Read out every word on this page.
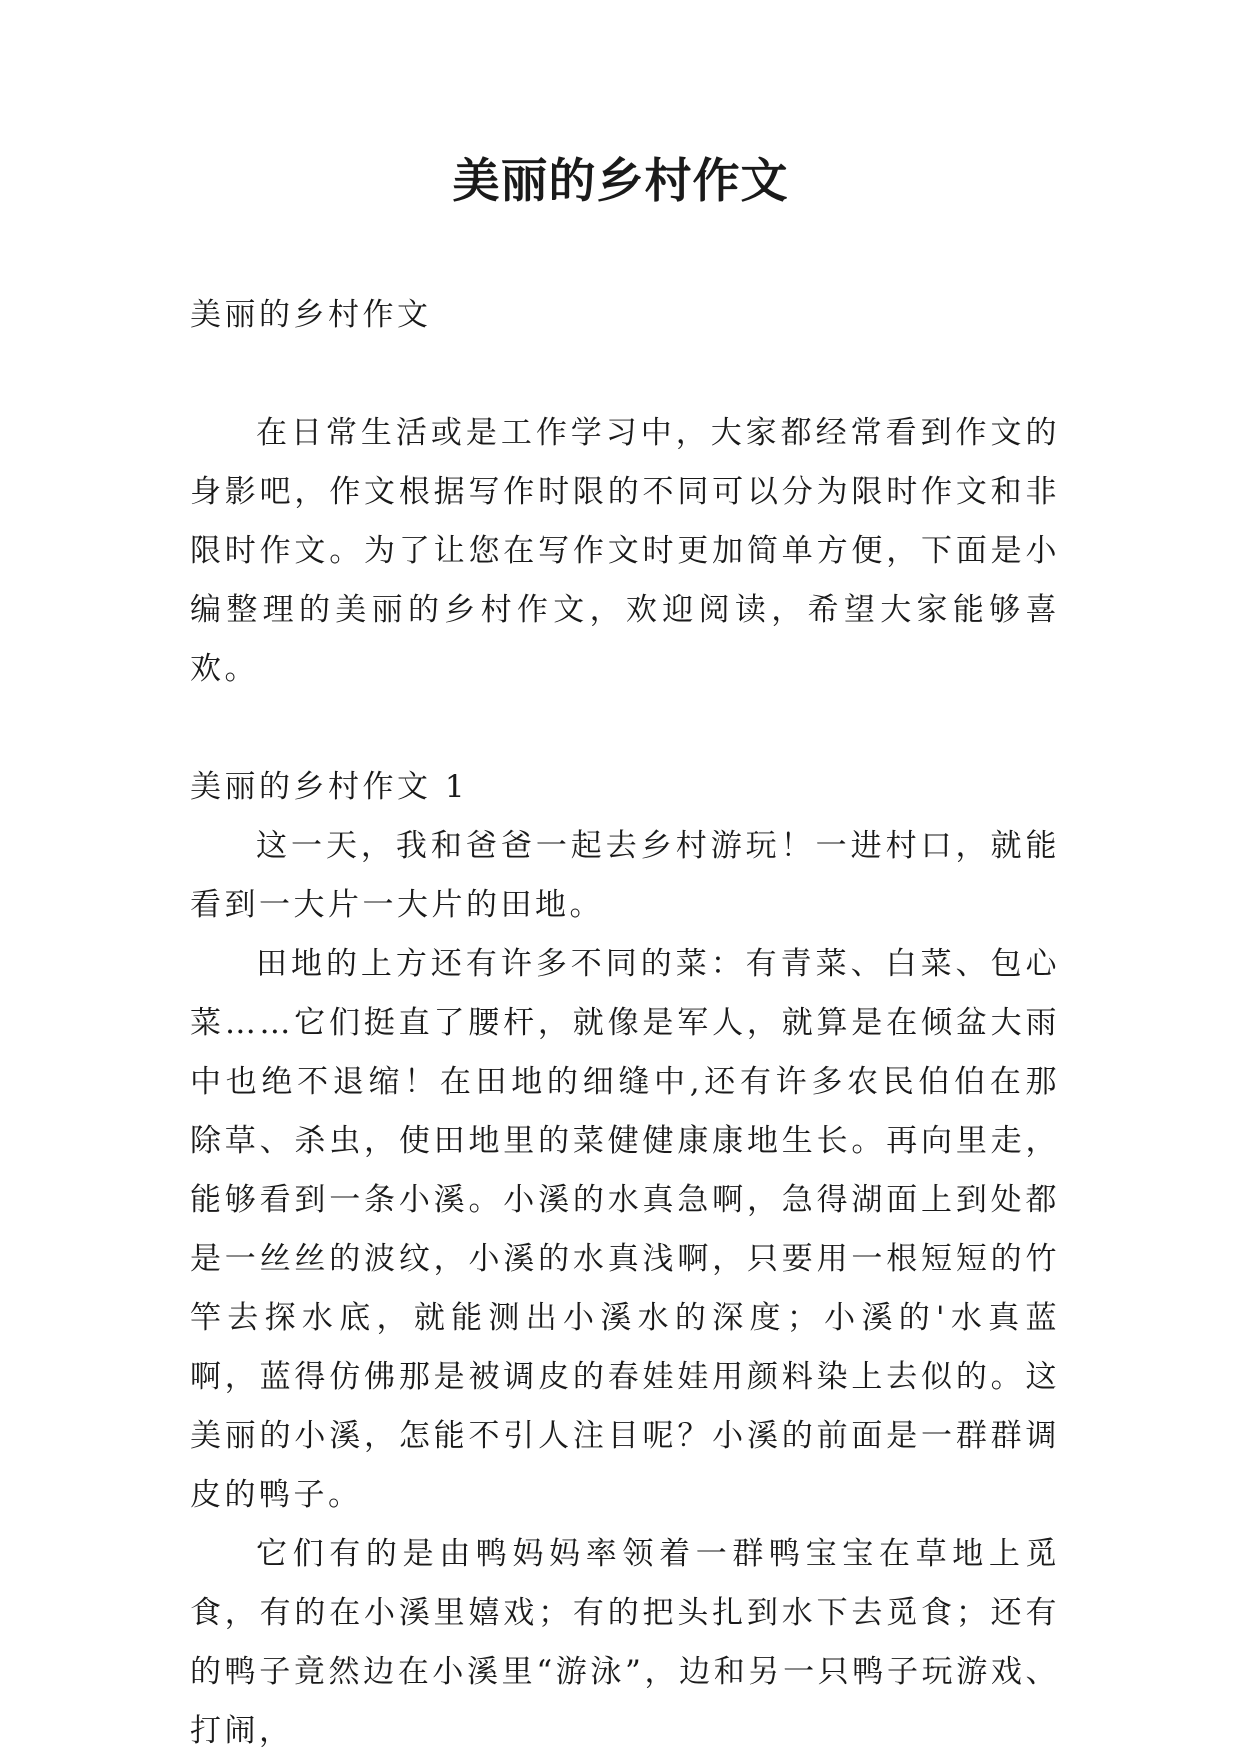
美丽的乡村作文

美丽的乡村作文

在日常生活或是工作学习中，大家都经常看到作文的身影吧，作文根据写作时限的不同可以分为限时作文和非限时作文。为了让您在写作文时更加简单方便，下面是小编整理的美丽的乡村作文，欢迎阅读，希望大家能够喜欢。

美丽的乡村作文 1

这一天，我和爸爸一起去乡村游玩！一进村口，就能看到一大片一大片的田地。

田地的上方还有许多不同的菜：有青菜、白菜、包心菜……它们挺直了腰杆，就像是军人，就算是在倾盆大雨中也绝不退缩！在田地的细缝中,还有许多农民伯伯在那除草、杀虫，使田地里的菜健健康康地生长。再向里走，能够看到一条小溪。小溪的水真急啊，急得湖面上到处都是一丝丝的波纹，小溪的水真浅啊，只要用一根短短的竹竿去探水底，就能测出小溪水的深度；小溪的'水真蓝啊，蓝得仿佛那是被调皮的春娃娃用颜料染上去似的。这美丽的小溪，怎能不引人注目呢？小溪的前面是一群群调皮的鸭子。

它们有的是由鸭妈妈率领着一群鸭宝宝在草地上觅食，有的在小溪里嬉戏；有的把头扎到水下去觅食；还有的鸭子竟然边在小溪里“游泳”，边和另一只鸭子玩游戏、打闹，
